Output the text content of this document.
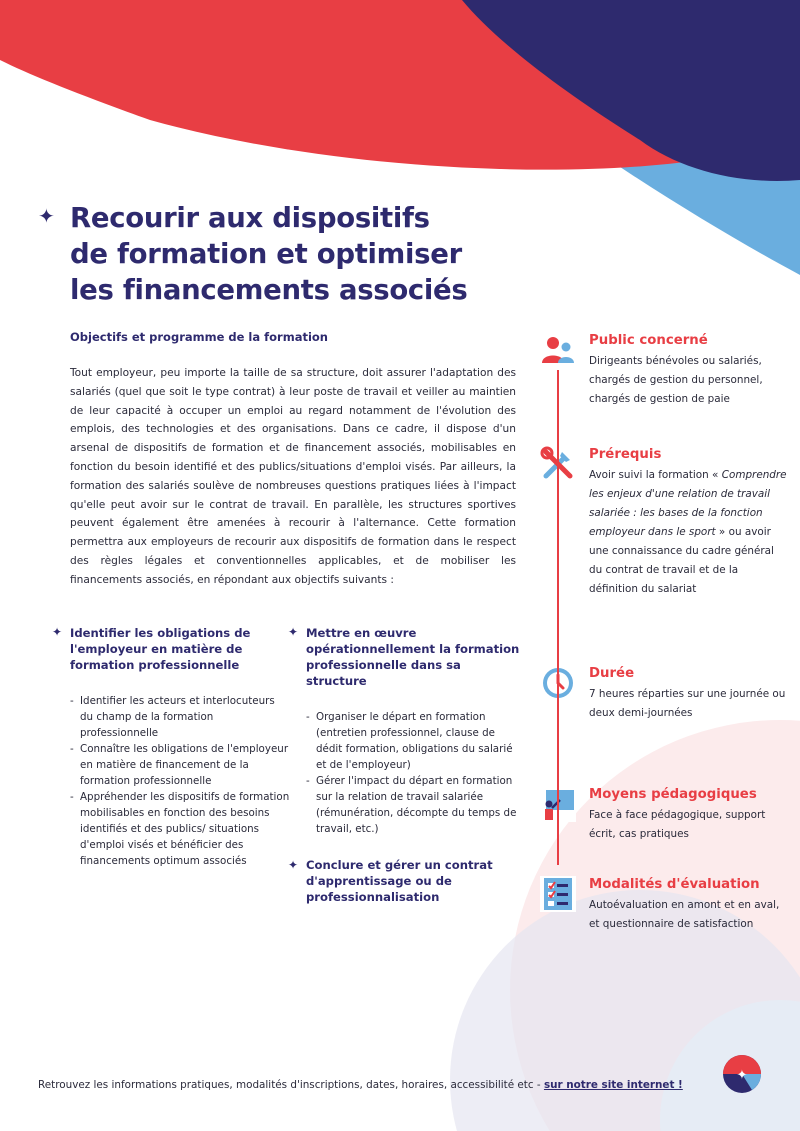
✦ Recourir aux dispositifs
de formation et optimiser
les financements associés
Objectifs et programme de la formation

Tout employeur, peu importe la taille de sa structure, doit assurer l'adaptation des salariés (quel que soit le type contrat) à leur poste de travail et veiller au maintien de leur capacité à occuper un emploi au regard notamment de l'évolution des emplois, des technologies et des organisations. Dans ce cadre, il dispose d'un arsenal de dispositifs de formation et de financement associés, mobilisables en fonction du besoin identifié et des publics/situations d'emploi visés. Par ailleurs, la formation des salariés soulève de nombreuses questions pratiques liées à l'impact qu'elle peut avoir sur le contrat de travail. En parallèle, les structures sportives peuvent également être amenées à recourir à l'alternance. Cette formation permettra aux employeurs de recourir aux dispositifs de formation dans le respect des règles légales et conventionnelles applicables, et de mobiliser les financements associés, en répondant aux objectifs suivants :

✦ Identifier les obligations de l'employeur en matière de formation professionnelle
- Identifier les acteurs et interlocuteurs du champ de la formation professionnelle
- Connaître les obligations de l'employeur en matière de financement de la formation professionnelle
- Appréhender les dispositifs de formation mobilisables en fonction des besoins identifiés et des publics/ situations d'emploi visés et bénéficier des financements optimum associés
✦ Mettre en œuvre opérationnellement la formation professionnelle dans sa structure
- Organiser le départ en formation (entretien professionnel, clause de dédit formation, obligations du salarié et de l'employeur)
- Gérer l'impact du départ en formation sur la relation de travail salariée (rémunération, décompte du temps de travail, etc.)
✦ Conclure et gérer un contrat d'apprentissage ou de professionnalisation
Public concerné
Dirigeants bénévoles ou salariés, chargés de gestion du personnel, chargés de gestion de paie
Prérequis
Avoir suivi la formation « Comprendre les enjeux d'une relation de travail salariée : les bases de la fonction employeur dans le sport » ou avoir une connaissance du cadre général du contrat de travail et de la définition du salariat
Durée
7 heures réparties sur une journée ou deux demi-journées
Moyens pédagogiques
Face à face pédagogique, support écrit, cas pratiques
Modalités d'évaluation
Autoévaluation en amont et en aval, et questionnaire de satisfaction
Retrouvez les informations pratiques, modalités d'inscriptions, dates, horaires, accessibilité etc - sur notre site internet !
✦
